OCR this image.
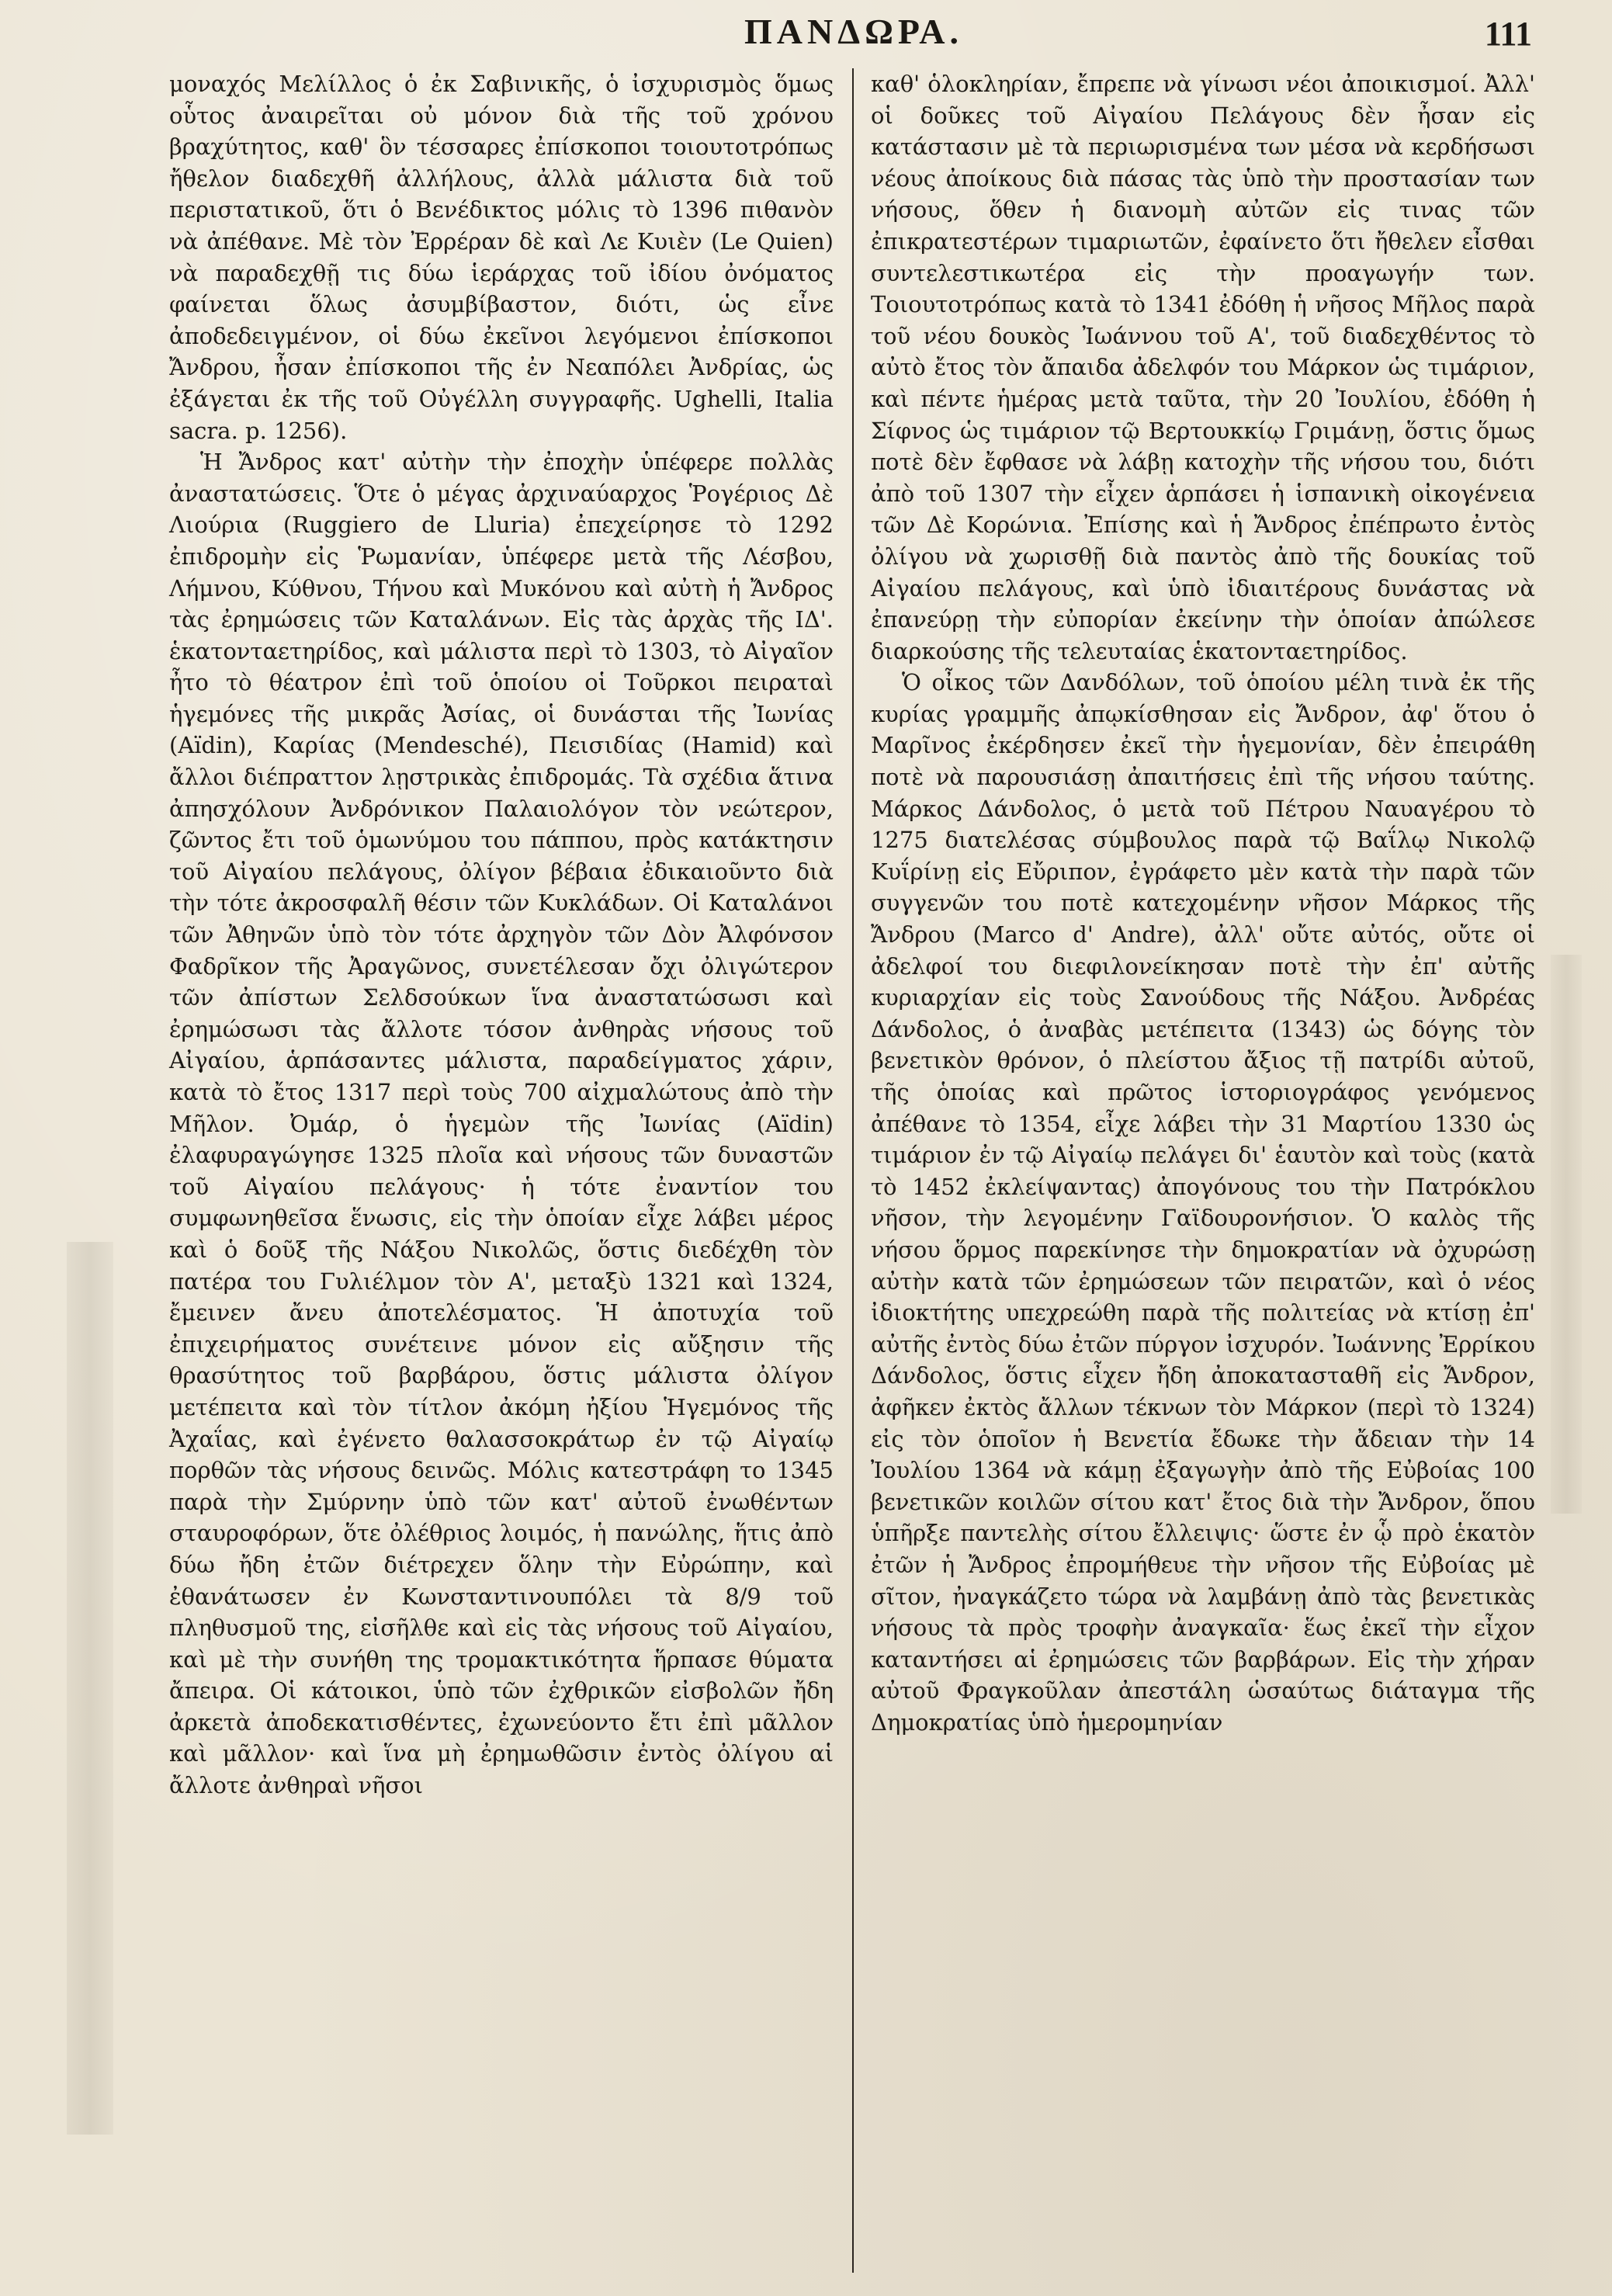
ΠΑΝΔΩΡΑ.	111

μοναχός Μελίλλος ὁ ἐκ Σαβινικῆς, ὁ ἰσχυρισμὸς ὅμως οὗτος ἀναιρεῖται οὐ μόνον διὰ τῆς τοῦ χρόνου βραχύτητος, καθ' ὃν τέσσαρες ἐπίσκοποι τοιουτοτρόπως ἤθελον διαδεχθῆ ἀλλήλους, ἀλλὰ μάλιστα διὰ τοῦ περιστατικοῦ, ὅτι ὁ Βενέδικτος μόλις τὸ 1396 πιθανὸν νὰ ἀπέθανε. Μὲ τὸν Ἐρρέραν δὲ καὶ Λε Κυιὲν (Le Quien) νὰ παραδεχθῇ τις δύω ἱεράρχας τοῦ ἰδίου ὀνόματος φαίνεται ὅλως ἀσυμβίβαστον, διότι, ὡς εἶνε ἀποδεδειγμένον, οἱ δύω ἐκεῖνοι λεγόμενοι ἐπίσκοποι Ἄνδρου, ἦσαν ἐπίσκοποι τῆς ἐν Νεαπόλει Ἀνδρίας, ὡς ἐξάγεται ἐκ τῆς τοῦ Οὐγέλλη συγγραφῆς. Ughelli, Italia sacra. p. 1256).

Ἡ Ἄνδρος κατ' αὐτὴν τὴν ἐποχὴν ὑπέφερε πολλὰς ἀναστατώσεις. Ὅτε ὁ μέγας ἀρχιναύαρχος Ῥογέριος Δὲ Λιούρια (Ruggiero de Lluria) ἐπεχείρησε τὸ 1292 ἐπιδρομὴν εἰς Ῥωμανίαν, ὑπέφερε μετὰ τῆς Λέσβου, Λήμνου, Κύθνου, Τήνου καὶ Μυκόνου καὶ αὐτὴ ἡ Ἄνδρος τὰς ἐρημώσεις τῶν Καταλάνων. Εἰς τὰς ἀρχὰς τῆς ΙΔ'. ἑκατονταετηρίδος, καὶ μάλιστα περὶ τὸ 1303, τὸ Αἰγαῖον ἦτο τὸ θέατρον ἐπὶ τοῦ ὁποίου οἱ Τοῦρκοι πειραταὶ ἡγεμόνες τῆς μικρᾶς Ἀσίας, οἱ δυνάσται τῆς Ἰωνίας (Aïdin), Καρίας (Mendesché), Πεισιδίας (Hamid) καὶ ἄλλοι διέπραττον λῃστρικὰς ἐπιδρομάς. Τὰ σχέδια ἅτινα ἀπησχόλουν Ἀνδρόνικον Παλαιολόγον τὸν νεώτερον, ζῶντος ἔτι τοῦ ὁμωνύμου του πάππου, πρὸς κατάκτησιν τοῦ Αἰγαίου πελάγους, ὀλίγον βέβαια ἐδικαιοῦντο διὰ τὴν τότε ἀκροσφαλῆ θέσιν τῶν Κυκλάδων. Οἱ Καταλάνοι τῶν Ἀθηνῶν ὑπὸ τὸν τότε ἀρχηγὸν τῶν Δὸν Ἀλφόνσον Φαδρῖκον τῆς Ἀραγῶνος, συνετέλεσαν ὄχι ὀλιγώτερον τῶν ἀπίστων Σελδσούκων ἵνα ἀναστατώσωσι καὶ ἐρημώσωσι τὰς ἄλλοτε τόσον ἀνθηρὰς νήσους τοῦ Αἰγαίου, ἁρπάσαντες μάλιστα, παραδείγματος χάριν, κατὰ τὸ ἔτος 1317 περὶ τοὺς 700 αἰχμαλώτους ἀπὸ τὴν Μῆλον. Ὀμάρ, ὁ ἡγεμὼν τῆς Ἰωνίας (Aïdin) ἐλαφυραγώγησε 1325 πλοῖα καὶ νήσους τῶν δυναστῶν τοῦ Αἰγαίου πελάγους· ἡ τότε ἐναντίον του συμφωνηθεῖσα ἕνωσις, εἰς τὴν ὁποίαν εἶχε λάβει μέρος καὶ ὁ δοῦξ τῆς Νάξου Νικολῶς, ὅστις διεδέχθη τὸν πατέρα του Γυλιέλμον τὸν Α', μεταξὺ 1321 καὶ 1324, ἔμεινεν ἄνευ ἀποτελέσματος. Ἡ ἀποτυχία τοῦ ἐπιχειρήματος συνέτεινε μόνον εἰς αὔξησιν τῆς θρασύτητος τοῦ βαρβάρου, ὅστις μάλιστα ὀλίγον μετέπειτα καὶ τὸν τίτλον ἀκόμη ἠξίου Ἡγεμόνος τῆς Ἀχαΐας, καὶ ἐγένετο θαλασσοκράτωρ ἐν τῷ Αἰγαίῳ πορθῶν τὰς νήσους δεινῶς. Μόλις κατεστράφη το 1345 παρὰ τὴν Σμύρνην ὑπὸ τῶν κατ' αὐτοῦ ἐνωθέντων σταυροφόρων, ὅτε ὀλέθριος λοιμός, ἡ πανώλης, ἥτις ἀπὸ δύω ἤδη ἐτῶν διέτρεχεν ὅλην τὴν Εὐρώπην, καὶ ἐθανάτωσεν ἐν Κωνσταντινουπόλει τὰ 8/9 τοῦ πληθυσμοῦ της, εἰσῆλθε καὶ εἰς τὰς νήσους τοῦ Αἰγαίου, καὶ μὲ τὴν συνήθη της τρομακτικότητα ἥρπασε θύματα ἄπειρα. Οἱ κάτοικοι, ὑπὸ τῶν ἐχθρικῶν εἰσβολῶν ἤδη ἀρκετὰ ἀποδεκατισθέντες, ἐχωνεύοντο ἔτι ἐπὶ μᾶλλον καὶ μᾶλλον· καὶ ἵνα μὴ ἐρημωθῶσιν ἐντὸς ὀλίγου αἱ ἄλλοτε ἀνθηραὶ νῆσοι

καθ' ὁλοκληρίαν, ἔπρεπε νὰ γίνωσι νέοι ἀποικισμοί. Ἀλλ' οἱ δοῦκες τοῦ Αἰγαίου Πελάγους δὲν ἦσαν εἰς κατάστασιν μὲ τὰ περιωρισμένα των μέσα νὰ κερδήσωσι νέους ἀποίκους διὰ πάσας τὰς ὑπὸ τὴν προστασίαν των νήσους, ὅθεν ἡ διανομὴ αὐτῶν εἰς τινας τῶν ἐπικρατεστέρων τιμαριωτῶν, ἐφαίνετο ὅτι ἤθελεν εἶσθαι συντελεστικωτέρα εἰς τὴν προαγωγήν των. Τοιουτοτρόπως κατὰ τὸ 1341 ἐδόθη ἡ νῆσος Μῆλος παρὰ τοῦ νέου δουκὸς Ἰωάννου τοῦ Α', τοῦ διαδεχθέντος τὸ αὐτὸ ἔτος τὸν ἄπαιδα ἀδελφόν του Μάρκον ὡς τιμάριον, καὶ πέντε ἡμέρας μετὰ ταῦτα, τὴν 20 Ἰουλίου, ἐδόθη ἡ Σίφνος ὡς τιμάριον τῷ Βερτουκκίῳ Γριμάνῃ, ὅστις ὅμως ποτὲ δὲν ἔφθασε νὰ λάβῃ κατοχὴν τῆς νήσου του, διότι ἀπὸ τοῦ 1307 τὴν εἶχεν ἁρπάσει ἡ ἱσπανικὴ οἰκογένεια τῶν Δὲ Κορώνια. Ἐπίσης καὶ ἡ Ἄνδρος ἐπέπρωτο ἐντὸς ὀλίγου νὰ χωρισθῇ διὰ παντὸς ἀπὸ τῆς δουκίας τοῦ Αἰγαίου πελάγους, καὶ ὑπὸ ἰδιαιτέρους δυνάστας νὰ ἐπανεύρῃ τὴν εὐπορίαν ἐκείνην τὴν ὁποίαν ἀπώλεσε διαρκούσης τῆς τελευταίας ἑκατονταετηρίδος.

Ὁ οἶκος τῶν Δανδόλων, τοῦ ὁποίου μέλη τινὰ ἐκ τῆς κυρίας γραμμῆς ἀπῳκίσθησαν εἰς Ἄνδρον, ἀφ' ὅτου ὁ Μαρῖνος ἐκέρδησεν ἐκεῖ τὴν ἡγεμονίαν, δὲν ἐπειράθη ποτὲ νὰ παρουσιάσῃ ἀπαιτήσεις ἐπὶ τῆς νήσου ταύτης. Μάρκος Δάνδολος, ὁ μετὰ τοῦ Πέτρου Ναυαγέρου τὸ 1275 διατελέσας σύμβουλος παρὰ τῷ Βαΐλῳ Νικολῷ Κυΐρίνῃ εἰς Εὔριπον, ἐγράφετο μὲν κατὰ τὴν παρὰ τῶν συγγενῶν του ποτὲ κατεχομένην νῆσον Μάρκος τῆς Ἄνδρου (Marco d' Andre), ἀλλ' οὔτε αὐτός, οὔτε οἱ ἀδελφοί του διεφιλονείκησαν ποτὲ τὴν ἐπ' αὐτῆς κυριαρχίαν εἰς τοὺς Σανούδους τῆς Νάξου. Ἀνδρέας Δάνδολος, ὁ ἀναβὰς μετέπειτα (1343) ὡς δόγης τὸν βενετικὸν θρόνον, ὁ πλείστου ἄξιος τῇ πατρίδι αὐτοῦ, τῆς ὁποίας καὶ πρῶτος ἱστοριογράφος γενόμενος ἀπέθανε τὸ 1354, εἶχε λάβει τὴν 31 Μαρτίου 1330 ὡς τιμάριον ἐν τῷ Αἰγαίῳ πελάγει δι' ἑαυτὸν καὶ τοὺς (κατὰ τὸ 1452 ἐκλείψαντας) ἀπογόνους του τὴν Πατρόκλου νῆσον, τὴν λεγομένην Γαϊδουρονήσιον. Ὁ καλὸς τῆς νήσου ὅρμος παρεκίνησε τὴν δημοκρατίαν νὰ ὀχυρώσῃ αὐτὴν κατὰ τῶν ἐρημώσεων τῶν πειρατῶν, καὶ ὁ νέος ἰδιοκτήτης υπεχρεώθη παρὰ τῆς πολιτείας νὰ κτίσῃ ἐπ' αὐτῆς ἐντὸς δύω ἐτῶν πύργον ἰσχυρόν. Ἰωάννης Ἐρρίκου Δάνδολος, ὅστις εἶχεν ἤδη ἀποκατασταθῆ εἰς Ἄνδρον, ἀφῆκεν ἐκτὸς ἄλλων τέκνων τὸν Μάρκον (περὶ τὸ 1324) εἰς τὸν ὁποῖον ἡ Βενετία ἔδωκε τὴν ἄδειαν τὴν 14 Ἰουλίου 1364 νὰ κάμῃ ἐξαγωγὴν ἀπὸ τῆς Εὐβοίας 100 βενετικῶν κοιλῶν σίτου κατ' ἔτος διὰ τὴν Ἄνδρον, ὅπου ὑπῆρξε παντελὴς σίτου ἔλλειψις· ὥστε ἐν ᾧ πρὸ ἑκατὸν ἐτῶν ἡ Ἄνδρος ἐπρομήθευε τὴν νῆσον τῆς Εὐβοίας μὲ σῖτον, ἠναγκάζετο τώρα νὰ λαμβάνῃ ἀπὸ τὰς βενετικὰς νήσους τὰ πρὸς τροφὴν ἀναγκαῖα· ἕως ἐκεῖ τὴν εἶχον καταντήσει αἱ ἐρημώσεις τῶν βαρβάρων. Εἰς τὴν χήραν αὐτοῦ Φραγκοῦλαν ἀπεστάλη ὡσαύτως διάταγμα τῆς Δημοκρατίας ὑπὸ ἡμερομηνίαν
